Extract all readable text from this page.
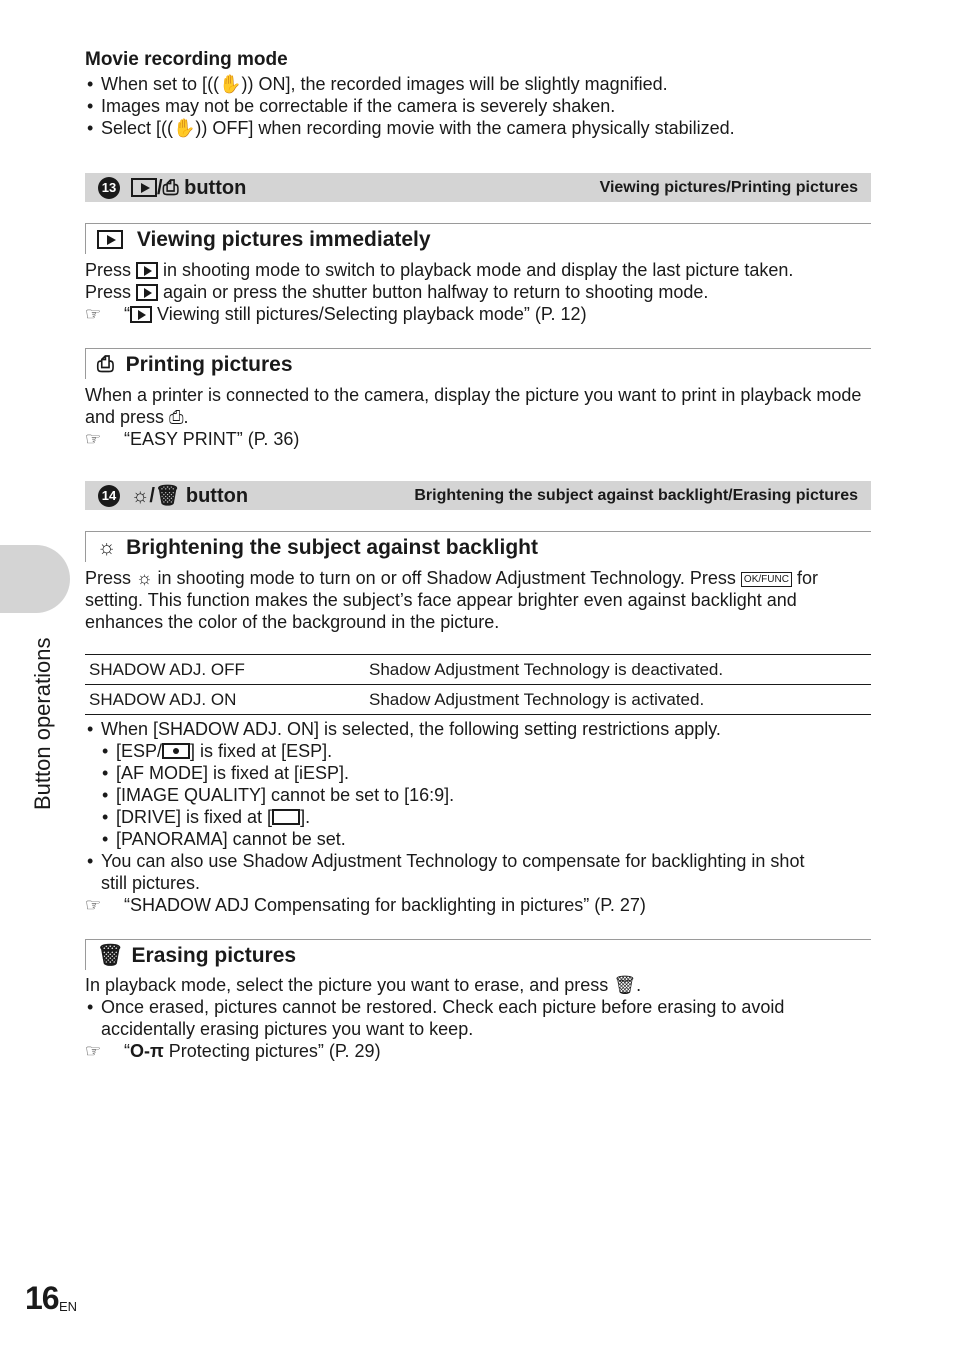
Movie recording mode
• When set to [((✋)) ON], the recorded images will be slightly magnified.
• Images may not be correctable if the camera is severely shaken.
• Select [((✋)) OFF] when recording movie with the camera physically stabilized.
13	/⎙ button	Viewing pictures/Printing pictures
Viewing pictures immediately
Press in shooting mode to switch to playback mode and display the last picture taken.
Press again or press the shutter button halfway to return to shooting mode.
☞ “ Viewing still pictures/Selecting playback mode” (P. 12)
⎙ Printing pictures
When a printer is connected to the camera, display the picture you want to print in playback mode and press ⎙.
☞ “EASY PRINT” (P. 36)
14 ☼/🗑 button	Brightening the subject against backlight/Erasing pictures
☼ Brightening the subject against backlight
Press ☼ in shooting mode to turn on or off Shadow Adjustment Technology. Press OK/FUNC for
setting. This function makes the subject’s face appear brighter even against backlight and
enhances the color of the background in the picture.
SHADOW ADJ. OFF	Shadow Adjustment Technology is deactivated.
SHADOW ADJ. ON	Shadow Adjustment Technology is activated.
• When [SHADOW ADJ. ON] is selected, the following setting restrictions apply.
• [ESP/ ] is fixed at [ESP].
• [AF MODE] is fixed at [iESP].
• [IMAGE QUALITY] cannot be set to [16:9].
• [DRIVE] is fixed at [ ].
• [PANORAMA] cannot be set.
• You can also use Shadow Adjustment Technology to compensate for backlighting in shot
still pictures.
☞ “SHADOW ADJ Compensating for backlighting in pictures” (P. 27)
🗑 Erasing pictures
In playback mode, select the picture you want to erase, and press 🗑.
• Once erased, pictures cannot be restored. Check each picture before erasing to avoid
accidentally erasing pictures you want to keep.
☞ “O‑π Protecting pictures” (P. 29)
Button operations
16 EN
